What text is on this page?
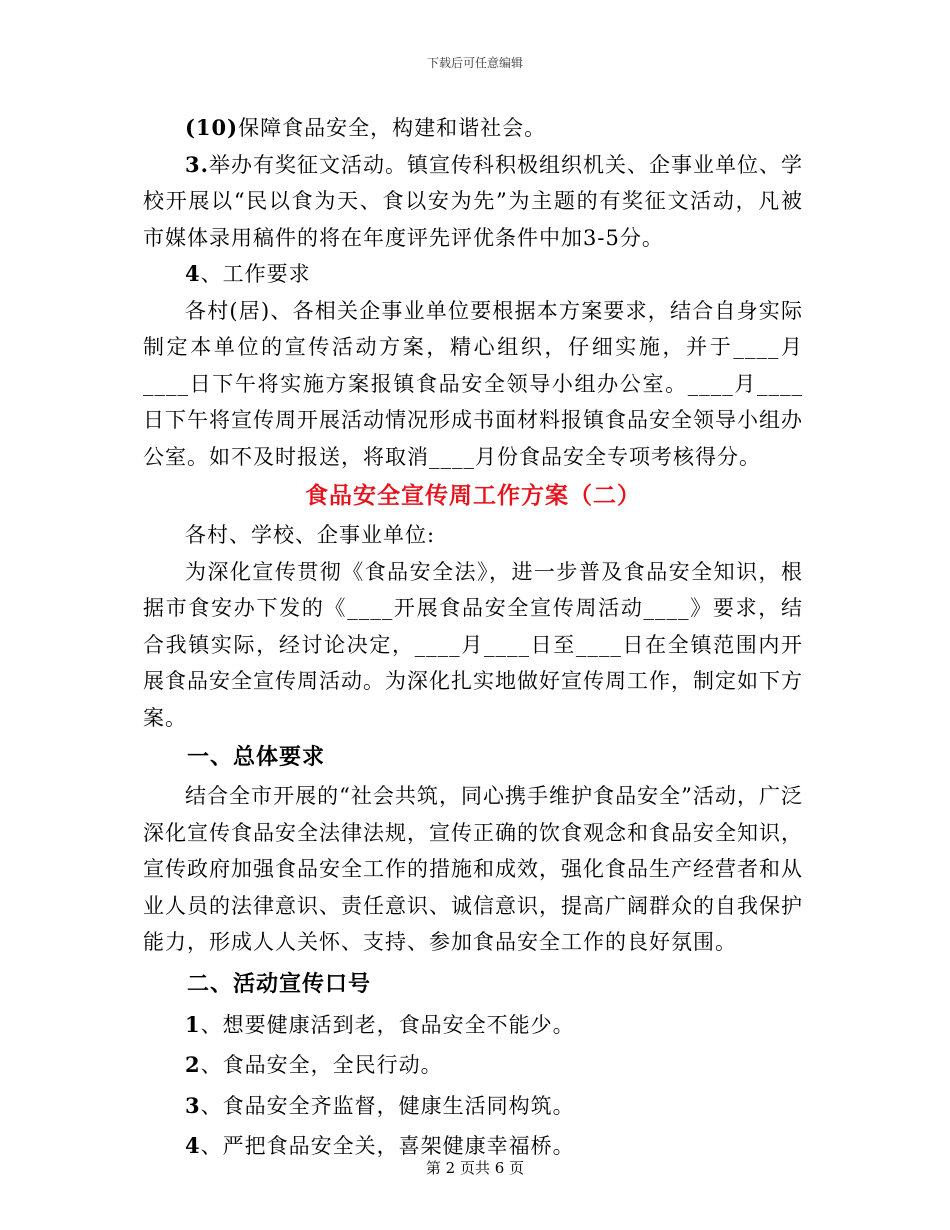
下载后可任意编辑

(10)保障食品安全，构建和谐社会。

3.举办有奖征文活动。镇宣传科积极组织机关、企事业单位、学校开展以“民以食为天、食以安为先”为主题的有奖征文活动，凡被市媒体录用稿件的将在年度评先评优条件中加3-5分。

4、工作要求

各村(居)、各相关企事业单位要根据本方案要求，结合自身实际制定本单位的宣传活动方案，精心组织，仔细实施，并于____月____日下午将实施方案报镇食品安全领导小组办公室。____月____日下午将宣传周开展活动情况形成书面材料报镇食品安全领导小组办公室。如不及时报送，将取消____月份食品安全专项考核得分。

食品安全宣传周工作方案（二）

各村、学校、企事业单位:

为深化宣传贯彻《食品安全法》，进一步普及食品安全知识，根据市食安办下发的《____开展食品安全宣传周活动____》要求，结合我镇实际，经讨论决定，____月____日至____日在全镇范围内开展食品安全宣传周活动。为深化扎实地做好宣传周工作，制定如下方案。

一、总体要求

结合全市开展的“社会共筑，同心携手维护食品安全”活动，广泛深化宣传食品安全法律法规，宣传正确的饮食观念和食品安全知识，宣传政府加强食品安全工作的措施和成效，强化食品生产经营者和从业人员的法律意识、责任意识、诚信意识，提高广阔群众的自我保护能力，形成人人关怀、支持、参加食品安全工作的良好氛围。

二、活动宣传口号

1、想要健康活到老，食品安全不能少。

2、食品安全，全民行动。

3、食品安全齐监督，健康生活同构筑。

4、严把食品安全关，喜架健康幸福桥。

第 2 页共 6 页
